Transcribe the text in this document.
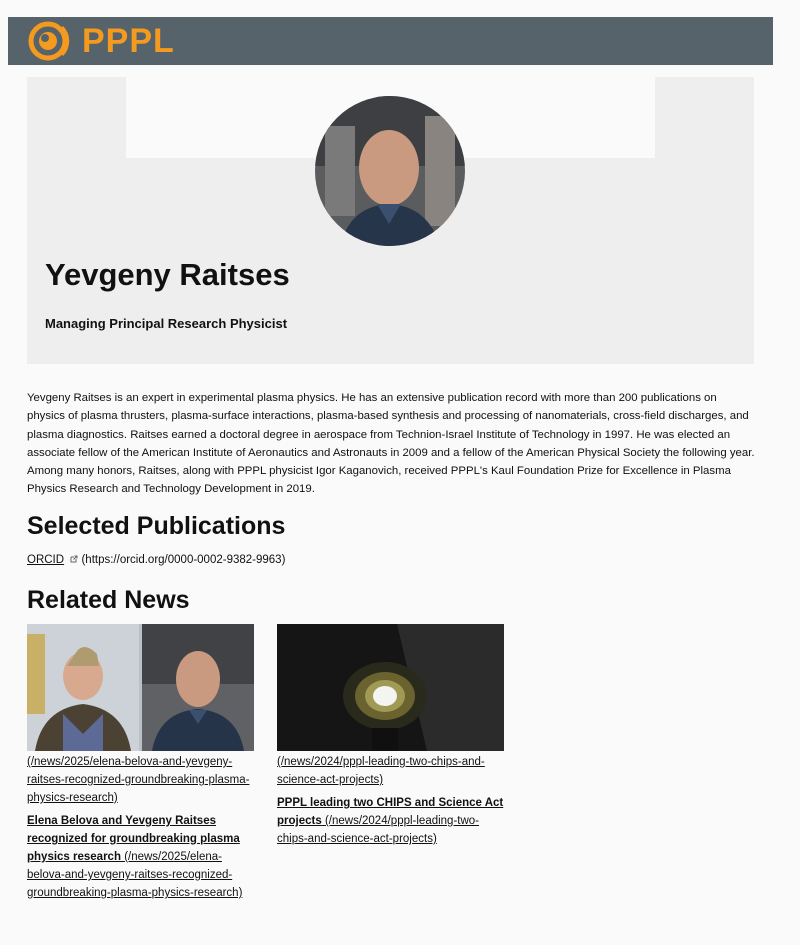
PPPL
Yevgeny Raitses
Managing Principal Research Physicist

Yevgeny Raitses is an expert in experimental plasma physics. He has an extensive publication record with more than 200 publications on physics of plasma thrusters, plasma-surface interactions, plasma-based synthesis and processing of nanomaterials, cross-field discharges, and plasma diagnostics. Raitses earned a doctoral degree in aerospace from Technion-Israel Institute of Technology in 1997. He was elected an associate fellow of the American Institute of Aeronautics and Astronauts in 2009 and a fellow of the American Physical Society the following year. Among many honors, Raitses, along with PPPL physicist Igor Kaganovich, received PPPL's Kaul Foundation Prize for Excellence in Plasma Physics Research and Technology Development in 2019.

Selected Publications
ORCID (https://orcid.org/0000-0002-9382-9963)
Related News
(/news/2025/elena-belova-and-yevgeny-raitses-recognized-groundbreaking-plasma-physics-research)
Elena Belova and Yevgeny Raitses recognized for groundbreaking plasma physics research (/news/2025/elena-belova-and-yevgeny-raitses-recognized-groundbreaking-plasma-physics-research)
(/news/2024/pppl-leading-two-chips-and-science-act-projects)
PPPL leading two CHIPS and Science Act projects (/news/2024/pppl-leading-two-chips-and-science-act-projects)
